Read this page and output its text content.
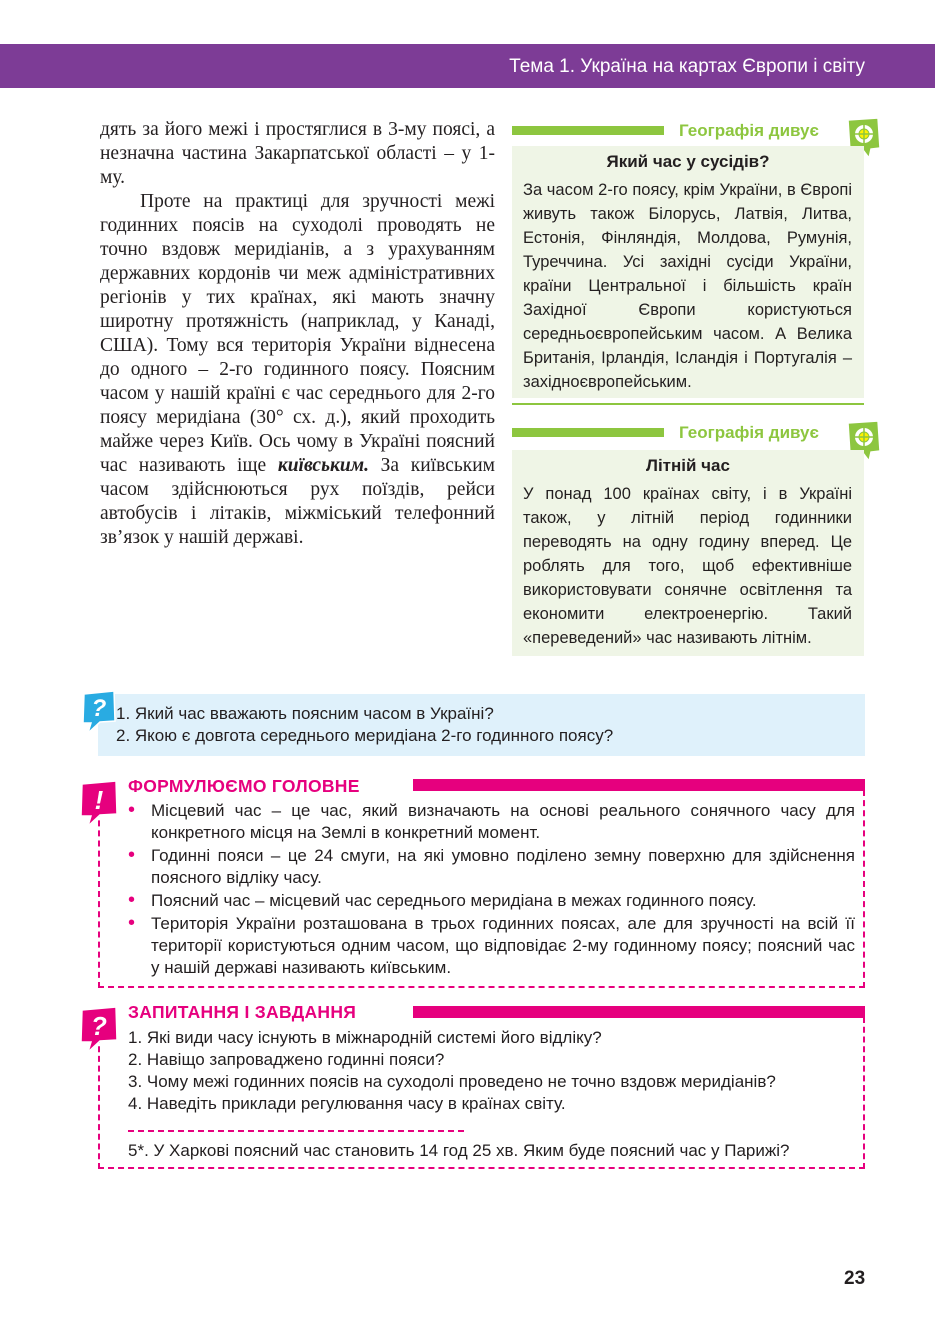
Тема 1. Україна на картах Європи і світу

дять за його межі і простяглися в 3-му поясі, а незначна частина Закарпатської області – у 1-му.

Проте на практиці для зручності межі годинних поясів на суходолі проводять не точно вздовж меридіанів, а з урахуванням державних кордонів чи меж адміністративних регіонів у тих країнах, які мають значну широтну протяжність (наприклад, у Канаді, США). Тому вся територія України віднесена до одного – 2-го годинного поясу. Поясним часом у нашій країні є час середнього для 2-го поясу меридіана (30° сх. д.), який проходить майже через Київ. Ось чому в Україні поясний час називають іще київським. За київським часом здійснюються рух поїздів, рейси автобусів і літаків, міжміський телефонний зв’язок у нашій державі.

Географія дивує
Який час у сусідів?
За часом 2-го поясу, крім України, в Європі живуть також Білорусь, Латвія, Литва, Естонія, Фінляндія, Молдова, Румунія, Туреччина. Усі західні сусіди України, країни Центральної і більшість країн Західної Європи користуються середньоєвропейським часом. А Велика Британія, Ірландія, Ісландія і Португалія – західноєвропейським.
Географія дивує
Літній час
У понад 100 країнах світу, і в Україні також, у літній період годинники переводять на одну годину вперед. Це роблять для того, щоб ефективніше використовувати сонячне освітлення та економити електроенергію. Такий «переведений» час називають літнім.
1. Який час вважають поясним часом в Україні?
2. Якою є довгота середнього меридіана 2-го годинного поясу?
?
ФОРМУЛЮЄМО ГОЛОВНЕ
! • Місцевий час – це час, який визначають на основі реального сонячного часу для конкретного місця на Землі в конкретний момент.
• Годинні пояси – це 24 смуги, на які умовно поділено земну поверхню для здійснення поясного відліку часу.
• Поясний час – місцевий час середнього меридіана в межах годинного поясу.
• Територія України розташована в трьох годинних поясах, але для зручності на всій її території користуються одним часом, що відповідає 2-му годинному поясу; поясний час у нашій державі називають київським.
ЗАПИТАННЯ І ЗАВДАННЯ
? 1. Які види часу існують в міжнародній системі його відліку?
2. Навіщо запроваджено годинні пояси?
3. Чому межі годинних поясів на суходолі проведено не точно вздовж меридіанів?
4. Наведіть приклади регулювання часу в країнах світу.
5*. У Харкові поясний час становить 14 год 25 хв. Яким буде поясний час у Парижі?
23
